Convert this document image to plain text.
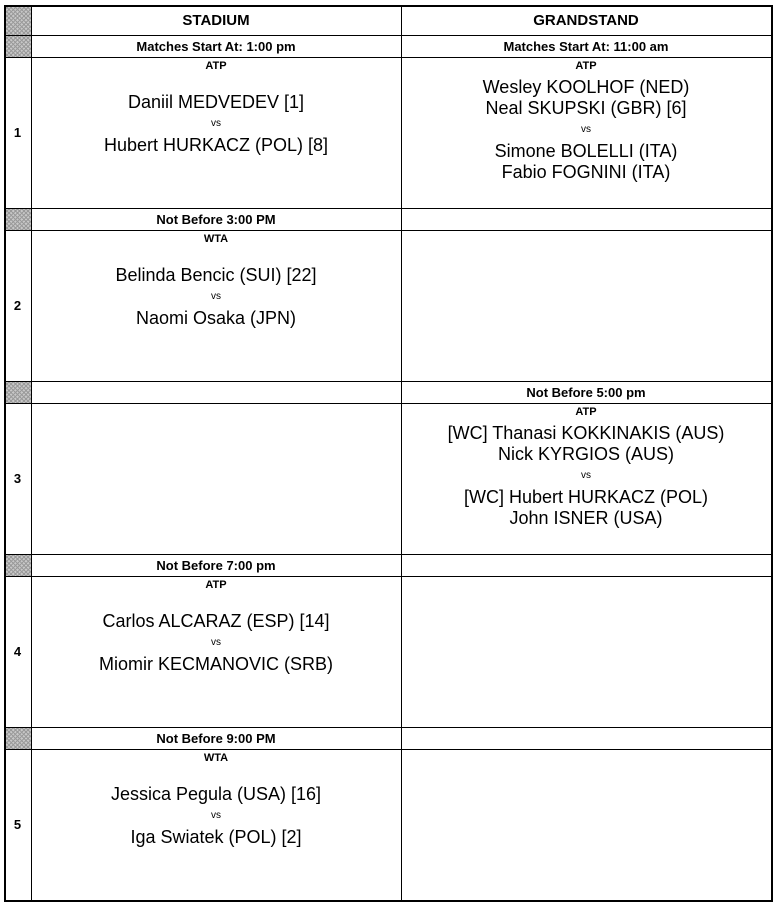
STADIUM	GRANDSTAND
1
Matches Start At: 1:00 pm
ATP
Daniil MEDVEDEV [1]
vs
Hubert HURKACZ (POL) [8]
Matches Start At: 11:00 am
ATP
Wesley KOOLHOF (NED)
Neal SKUPSKI (GBR) [6]
vs
Simone BOLELLI (ITA)
Fabio FOGNINI (ITA)
2
Not Before 3:00 PM
WTA
Belinda Bencic (SUI) [22]
vs
Naomi Osaka (JPN)
3
Not Before 5:00 pm
ATP
[WC] Thanasi KOKKINAKIS (AUS)
Nick KYRGIOS (AUS)
vs
[WC] Hubert HURKACZ (POL)
John ISNER (USA)
4
Not Before 7:00 pm
ATP
Carlos ALCARAZ (ESP) [14]
vs
Miomir KECMANOVIC (SRB)
5
Not Before 9:00 PM
WTA
Jessica Pegula (USA) [16]
vs
Iga Swiatek (POL) [2]
